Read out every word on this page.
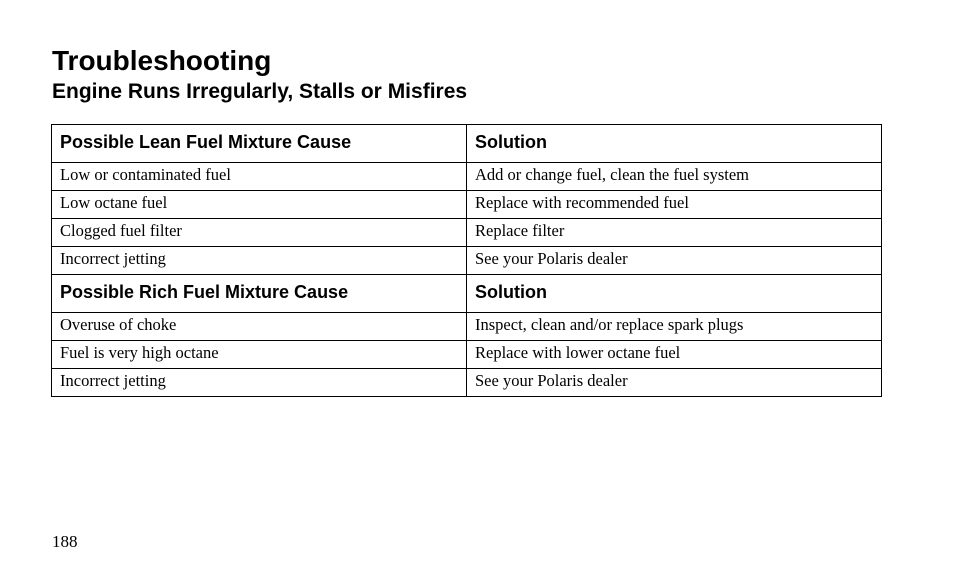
Troubleshooting
Engine Runs Irregularly, Stalls or Misfires
Possible Lean Fuel Mixture Cause	Solution
Low or contaminated fuel	Add or change fuel, clean the fuel system
Low octane fuel	Replace with recommended fuel
Clogged fuel filter	Replace filter
Incorrect jetting	See your Polaris dealer
Possible Rich Fuel Mixture Cause	Solution
Overuse of choke	Inspect, clean and/or replace spark plugs
Fuel is very high octane	Replace with lower octane fuel
Incorrect jetting	See your Polaris dealer
188
